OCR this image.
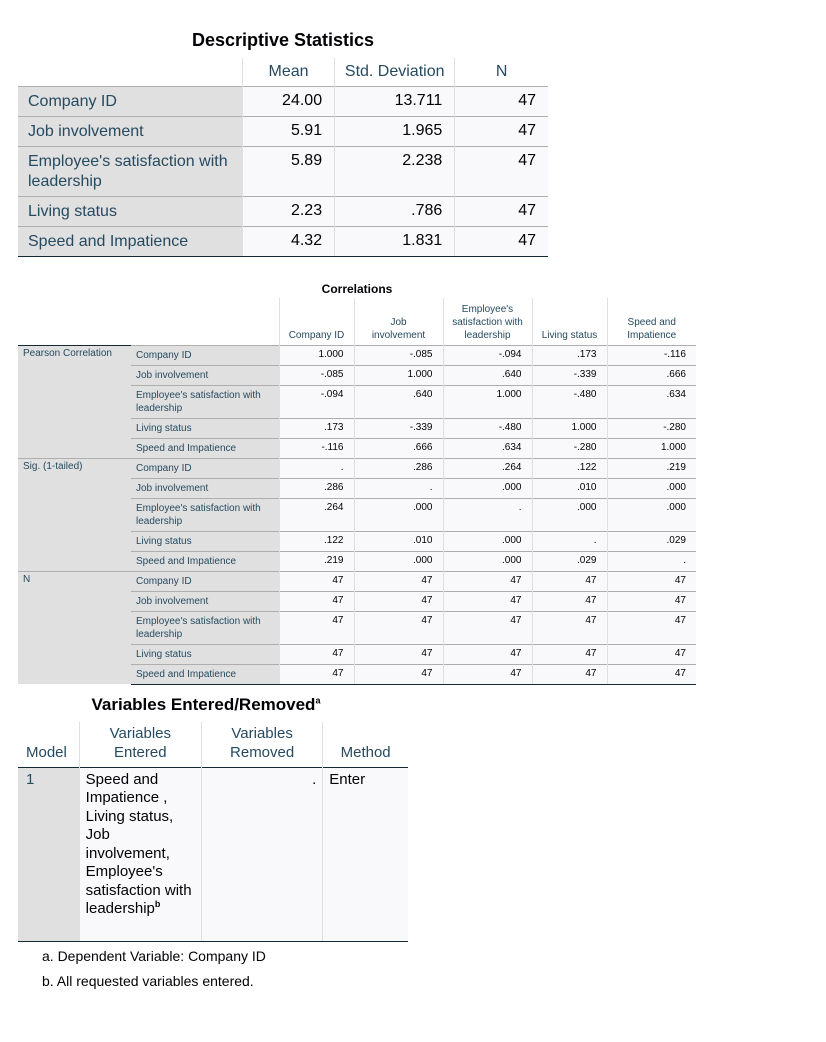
Descriptive Statistics
	Mean	Std. Deviation	N
Company ID	24.00	13.711	47
Job involvement	5.91	1.965	47
Employee's satisfaction with leadership	5.89	2.238	47
Living status	2.23	.786	47
Speed and Impatience	4.32	1.831	47
Correlations
		Company ID	Job involvement	Employee's satisfaction with leadership	Living status	Speed and Impatience
Pearson Correlation	Company ID	1.000	-.085	-.094	.173	-.116
	Job involvement	-.085	1.000	.640	-.339	.666
	Employee's satisfaction with leadership	-.094	.640	1.000	-.480	.634
	Living status	.173	-.339	-.480	1.000	-.280
	Speed and Impatience	-.116	.666	.634	-.280	1.000
Sig. (1-tailed)	Company ID	.	.286	.264	.122	.219
	Job involvement	.286	.	.000	.010	.000
	Employee's satisfaction with leadership	.264	.000	.	.000	.000
	Living status	.122	.010	.000	.	.029
	Speed and Impatience	.219	.000	.000	.029	.
N	Company ID	47	47	47	47	47
	Job involvement	47	47	47	47	47
	Employee's satisfaction with leadership	47	47	47	47	47
	Living status	47	47	47	47	47
	Speed and Impatience	47	47	47	47	47
Variables Entered/Removed$^a$
Model	Variables Entered	Variables Removed	Method
1	Speed and Impatience , Living status, Job involvement, Employee's satisfaction with leadership$^b$	.	Enter
a. Dependent Variable: Company ID
b. All requested variables entered.
